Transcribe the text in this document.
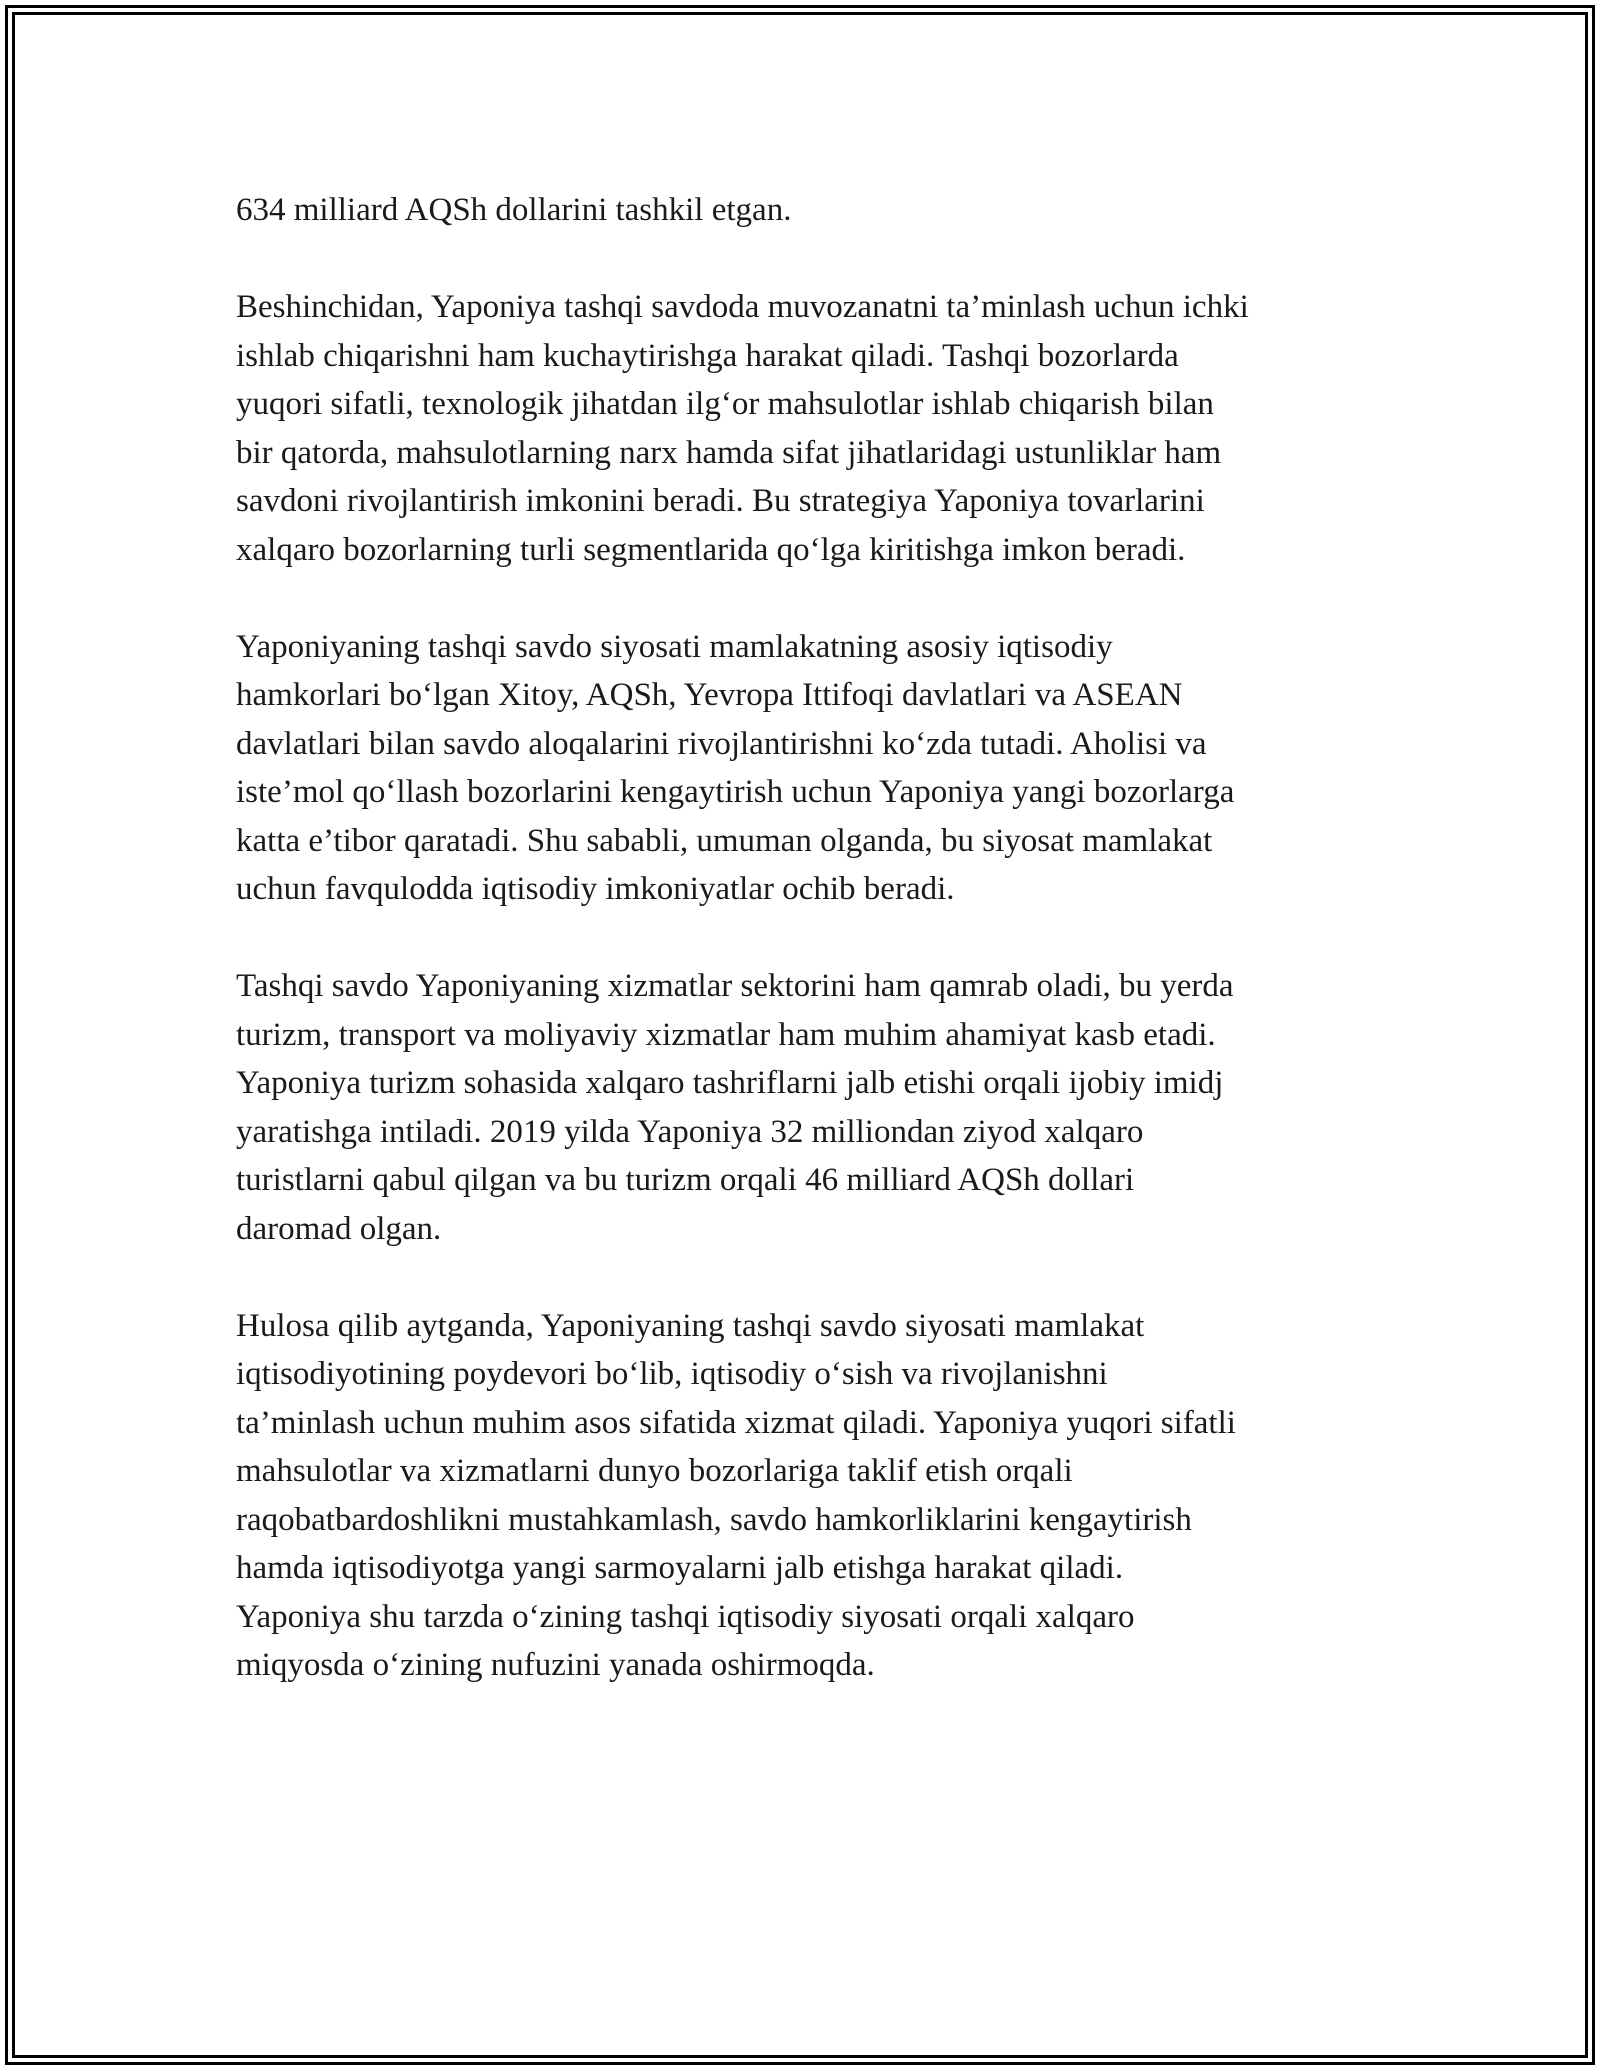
634 milliard AQSh dollarini tashkil etgan.

Beshinchidan, Yaponiya tashqi savdoda muvozanatni ta’minlash uchun ichki
ishlab chiqarishni ham kuchaytirishga harakat qiladi. Tashqi bozorlarda
yuqori sifatli, texnologik jihatdan ilg‘or mahsulotlar ishlab chiqarish bilan
bir qatorda, mahsulotlarning narx hamda sifat jihatlaridagi ustunliklar ham
savdoni rivojlantirish imkonini beradi. Bu strategiya Yaponiya tovarlarini
xalqaro bozorlarning turli segmentlarida qo‘lga kiritishga imkon beradi.

Yaponiyaning tashqi savdo siyosati mamlakatning asosiy iqtisodiy
hamkorlari bo‘lgan Xitoy, AQSh, Yevropa Ittifoqi davlatlari va ASEAN
davlatlari bilan savdo aloqalarini rivojlantirishni ko‘zda tutadi. Aholisi va
iste’mol qo‘llash bozorlarini kengaytirish uchun Yaponiya yangi bozorlarga
katta e’tibor qaratadi. Shu sababli, umuman olganda, bu siyosat mamlakat
uchun favqulodda iqtisodiy imkoniyatlar ochib beradi.

Tashqi savdo Yaponiyaning xizmatlar sektorini ham qamrab oladi, bu yerda
turizm, transport va moliyaviy xizmatlar ham muhim ahamiyat kasb etadi.
Yaponiya turizm sohasida xalqaro tashriflarni jalb etishi orqali ijobiy imidj
yaratishga intiladi. 2019 yilda Yaponiya 32 milliondan ziyod xalqaro
turistlarni qabul qilgan va bu turizm orqali 46 milliard AQSh dollari
daromad olgan.

Hulosa qilib aytganda, Yaponiyaning tashqi savdo siyosati mamlakat
iqtisodiyotining poydevori bo‘lib, iqtisodiy o‘sish va rivojlanishni
ta’minlash uchun muhim asos sifatida xizmat qiladi. Yaponiya yuqori sifatli
mahsulotlar va xizmatlarni dunyo bozorlariga taklif etish orqali
raqobatbardoshlikni mustahkamlash, savdo hamkorliklarini kengaytirish
hamda iqtisodiyotga yangi sarmoyalarni jalb etishga harakat qiladi.
Yaponiya shu tarzda o‘zining tashqi iqtisodiy siyosati orqali xalqaro
miqyosda o‘zining nufuzini yanada oshirmoqda.
